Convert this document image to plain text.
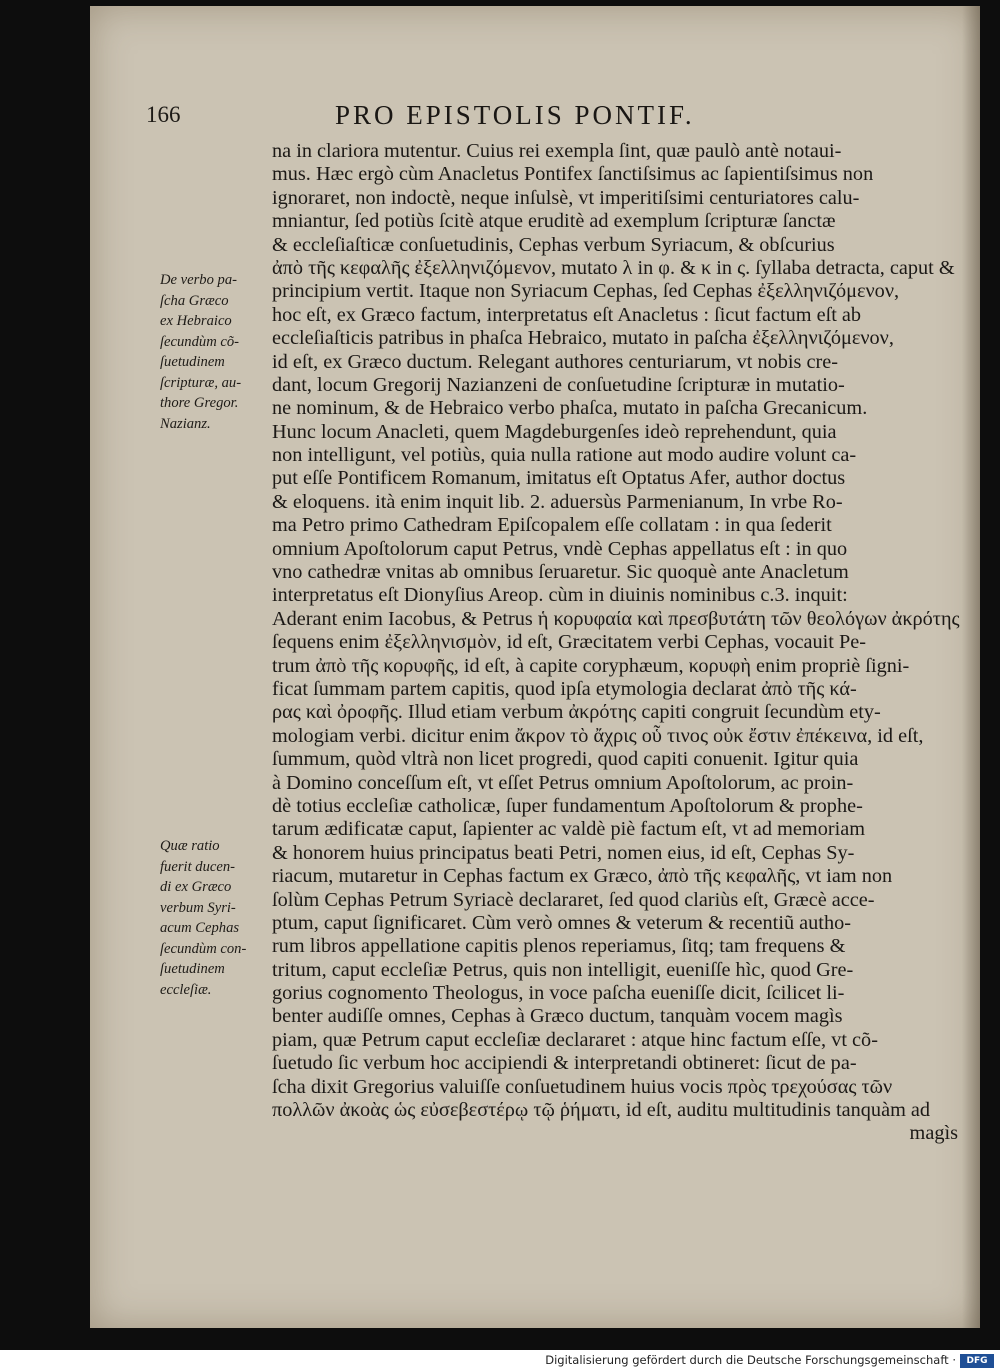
166	PRO EPISTOLIS PONTIF.
na in clariora mutentur. Cuius rei exempla ſint, quæ paulò antè notaui-
mus. Hæc ergò cùm Anacletus Pontifex ſanctiſsimus ac ſapientiſsimus non
ignoraret, non indoctè, neque inſulsè, vt imperitiſsimi centuriatores calu-
mniantur, ſed potiùs ſcitè atque eruditè ad exemplum ſcripturæ ſanctæ
& eccleſiaſticæ conſuetudinis, Cephas verbum Syriacum, & obſcurius
ἀπὸ τῆς κεφαλῆς ἐξελληνιζόμενον, mutato λ in φ. & κ in ς. ſyllaba detracta, caput &
principium vertit. Itaque non Syriacum Cephas, ſed Cephas ἐξελληνιζόμενον,
hoc eſt, ex Græco factum, interpretatus eſt Anacletus : ſicut factum eſt ab
eccleſiaſticis patribus in phaſca Hebraico, mutato in paſcha ἐξελληνιζόμενον,
id eſt, ex Græco ductum. Relegant authores centuriarum, vt nobis cre-
dant, locum Gregorij Nazianzeni de conſuetudine ſcripturæ in mutatio-
ne nominum, & de Hebraico verbo phaſca, mutato in paſcha Grecanicum.
Hunc locum Anacleti, quem Magdeburgenſes ideò reprehendunt, quia
non intelligunt, vel potiùs, quia nulla ratione aut modo audire volunt ca-
put eſſe Pontificem Romanum, imitatus eſt Optatus Afer, author doctus
& eloquens. ità enim inquit lib. 2. aduersùs Parmenianum, In vrbe Ro-
ma Petro primo Cathedram Epiſcopalem eſſe collatam : in qua ſederit
omnium Apoſtolorum caput Petrus, vndè Cephas appellatus eſt : in quo
vno cathedræ vnitas ab omnibus ſeruaretur. Sic quoquè ante Anacletum
interpretatus eſt Dionyſius Areop. cùm in diuinis nominibus c.3. inquit:
Aderant enim Iacobus, & Petrus ἡ κορυφαία καὶ πρεσβυτάτη τῶν θεολόγων ἀκρότης
ſequens enim ἐξελληνισμὸν, id eſt, Græcitatem verbi Cephas, vocauit Pe-
trum ἀπὸ τῆς κορυφῆς, id eſt, à capite coryphæum, κορυφὴ enim propriè ſigni-
ficat ſummam partem capitis, quod ipſa etymologia declarat ἀπὸ τῆς κά-
ρας καὶ ὀροφῆς. Illud etiam verbum ἀκρότης capiti congruit ſecundùm ety-
mologiam verbi. dicitur enim ἄκρον τὸ ἄχρις οὗ τινος οὐκ ἔστιν ἐπέκεινα, id eſt,
ſummum, quòd vltrà non licet progredi, quod capiti conuenit. Igitur quia
à Domino conceſſum eſt, vt eſſet Petrus omnium Apoſtolorum, ac proin-
dè totius eccleſiæ catholicæ, ſuper fundamentum Apoſtolorum & prophe-
tarum ædificatæ caput, ſapienter ac valdè piè factum eſt, vt ad memoriam
& honorem huius principatus beati Petri, nomen eius, id eſt, Cephas Sy-
riacum, mutaretur in Cephas factum ex Græco, ἀπὸ τῆς κεφαλῆς, vt iam non
ſolùm Cephas Petrum Syriacè declararet, ſed quod clariùs eſt, Græcè acce-
ptum, caput ſignificaret. Cùm verò omnes & veterum & recentiũ autho-
rum libros appellatione capitis plenos reperiamus, ſitq; tam frequens &
tritum, caput eccleſiæ Petrus, quis non intelligit, eueniſſe hìc, quod Gre-
gorius cognomento Theologus, in voce paſcha eueniſſe dicit, ſcilicet li-
benter audiſſe omnes, Cephas à Græco ductum, tanquàm vocem magìs
piam, quæ Petrum caput eccleſiæ declararet : atque hinc factum eſſe, vt cõ-
ſuetudo ſic verbum hoc accipiendi & interpretandi obtineret: ſicut de pa-
ſcha dixit Gregorius valuiſſe conſuetudinem huius vocis πρὸς τρεχούσας τῶν
πολλῶν ἀκοὰς ὡς εὐσεβεστέρῳ τῷ ῥήματι, id eſt, auditu multitudinis tanquàm ad
magìs
De verbo pa-
ſcha Græco
ex Hebraico
ſecundùm cõ-
ſuetudinem
ſcripturæ, au-
thore Gregor.
Nazianz.
Quæ ratio
fuerit ducen-
di ex Græco
verbum Syri-
acum Cephas
ſecundùm con-
ſuetudinem
eccleſiæ.
Digitalisierung gefördert durch die Deutsche Forschungsgemeinschaft ·	DFG
